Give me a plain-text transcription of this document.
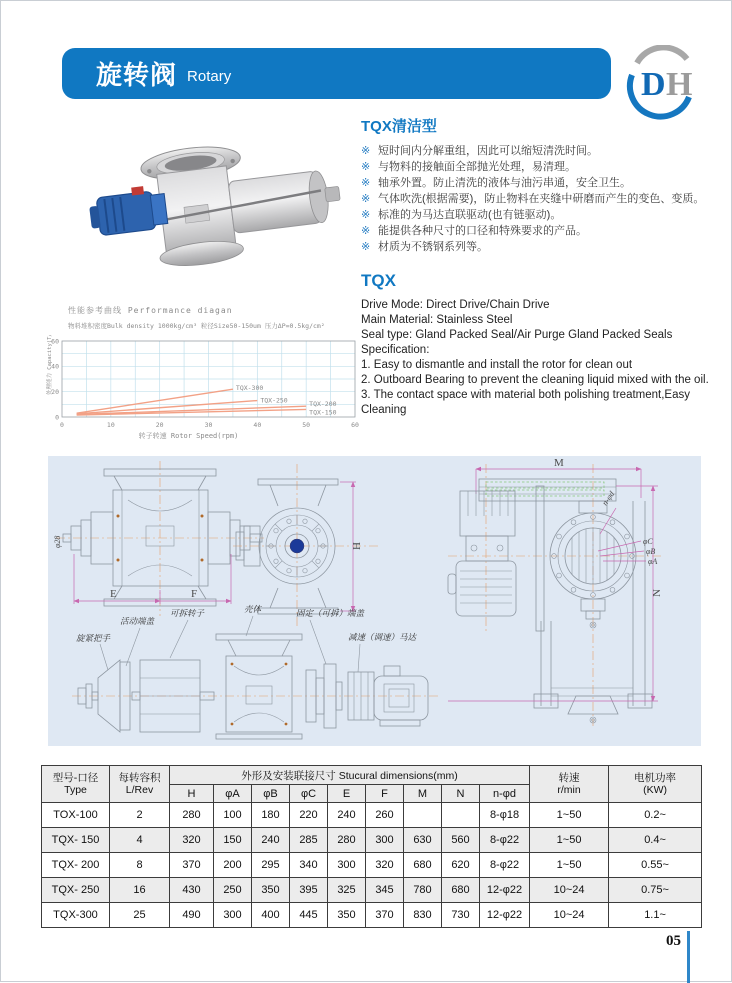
旋转阀 Rotary	D H
TQX清洁型
※ 短时间内分解重组，因此可以缩短清洗时间。
※ 与物料的接触面全部抛光处理，易清理。
※ 轴承外置。防止清洗的液体与油污串通，安全卫生。
※ 气体吹洗(根据需要)，防止物料在夹缝中研磨而产生的变色、变质。
※ 标准的为马达直联驱动(也有链驱动)。
※ 能提供各种尺寸的口径和特殊要求的产品。
※ 材质为不锈钢系列等。
TQX
Drive Mode: Direct Drive/Chain Drive
Main Material: Stainless Steel
Seal type: Gland Packed Seal/Air Purge Gland Packed Seals
Specification:
1. Easy to dismantle and install the rotor for clean out
2. Outboard Bearing to prevent the cleaning liquid mixed with the oil.
3. The contact space with material both polishing treatment,Easy Cleaning
性能参考曲线 Performance diagan
物料堆积密度Bulk density 1000kg/cm³ 粒径Size50-150um 压力ΔP=0.5kg/cm²
0	10	20	30	40	50	60
0
20
40
60
TQX-300
TQX-250	TQX-200
TQX-150
转子转速 Rotor Speed(rpm)
处理能力 Capacity(T/hr)
E	F
φ28	H
M
N
φC
φB
φA
n-φd
旋紧把手
活动端盖
可拆转子	壳体	固定（可拆）端盖
减速（调速）马达
型号-口径
Type

每转容积
L/Rev
	外形及安装联接尺寸 Stucural dimensions(mm)	转速
r/min

电机功率
(KW)

		H	φA	φB	φC	E	F	M	N	n-φd		
TOX-100	2	280	100	180	220	240	260			8-φ18	1~50	0.2~
TQX- 150	4	320	150	240	285	280	300	630	560	8-φ22	1~50	0.4~
TQX- 200	8	370	200	295	340	300	320	680	620	8-φ22	1~50	0.55~
TQX- 250	16	430	250	350	395	325	345	780	680	12-φ22	10~24	0.75~
TQX-300	25	490	300	400	445	350	370	830	730	12-φ22	10~24	1.1~
05
